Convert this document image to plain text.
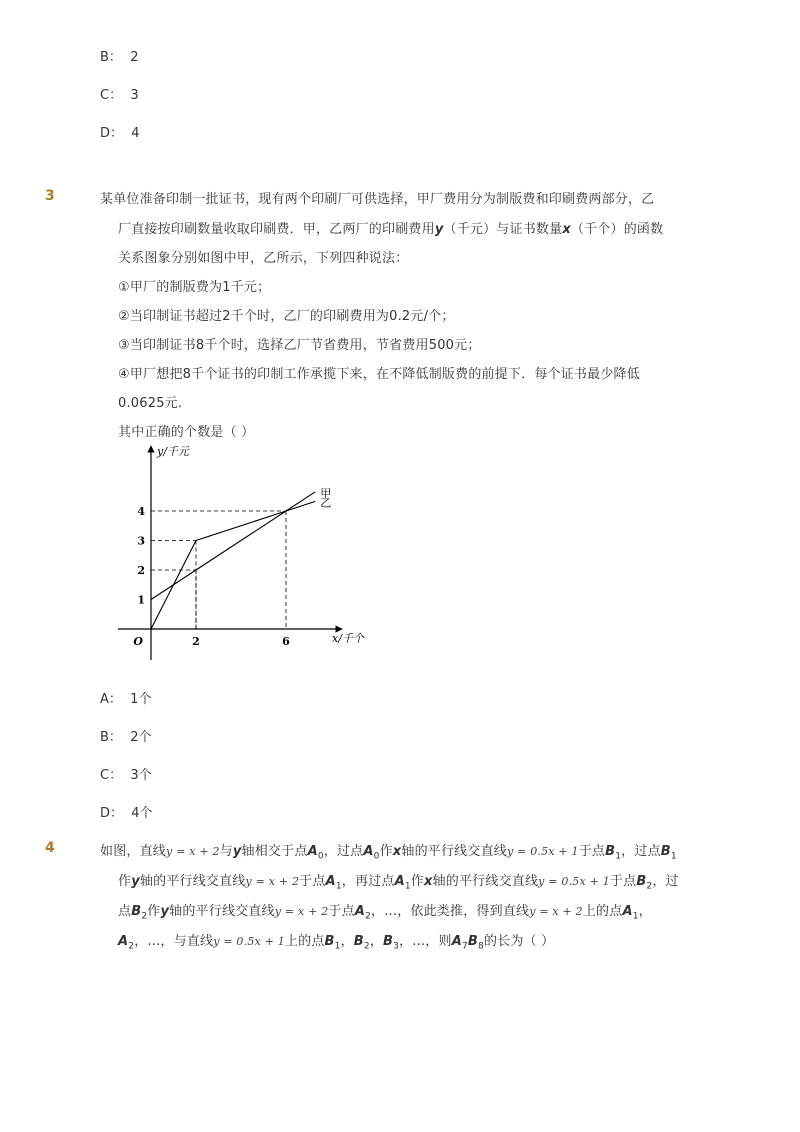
B：  2
C：  3
D：  4
3	某单位准备印制一批证书，现有两个印刷厂可供选择，甲厂费用分为制版费和印刷费两部分，乙
厂直接按印刷数量收取印刷费．甲，乙两厂的印刷费用y（千元）与证书数量x（千个）的函数
关系图象分别如图中甲，乙所示，下列四种说法：
①甲厂的制版费为1千元；
②当印制证书超过2千个时，乙厂的印刷费用为0.2元/个；
③当印制证书8千个时，选择乙厂节省费用，节省费用500元；
④甲厂想把8千个证书的印制工作承揽下来，在不降低制版费的前提下．每个证书最少降低
0.0625元．
其中正确的个数是（ ）
甲
乙
1
2
3
4
2	6
O
y/千元
x/千个
A：  1个
B：  2个
C：  3个
D：  4个
4	如图，直线y = x + 2与y轴相交于点$A_0$，过点$A_0$作x轴的平行线交直线y = 0.5x + 1于点$B_1$，过点$B_1$
作y轴的平行线交直线y = x + 2于点$A_1$，再过点$A_1$作x轴的平行线交直线y = 0.5x + 1于点$B_2$，过
点$B_2$作y轴的平行线交直线y = x + 2于点$A_2$，...，依此类推，得到直线y = x + 2上的点$A_1$，
$A_2$，...，与直线y = 0.5x + 1上的点$B_1$，$B_2$，$B_3$，...，则$A_7B_8$的长为（ ）
